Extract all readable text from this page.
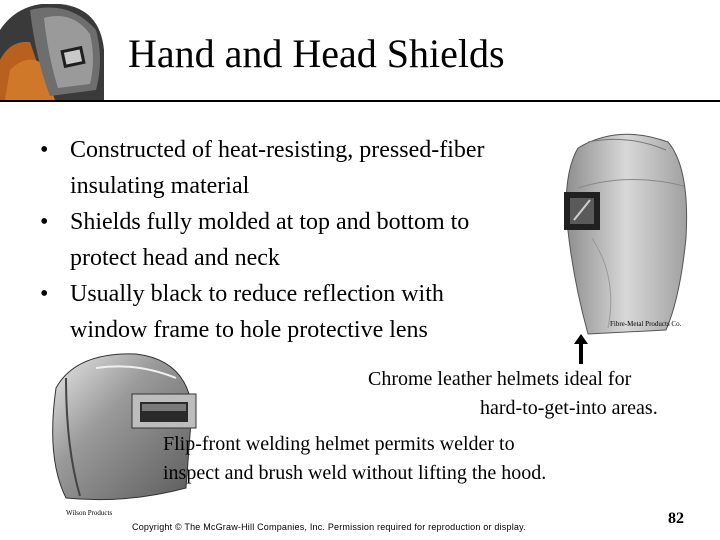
Hand and Head Shields
• Constructed of heat-resisting, pressed-fiber
insulating material
• Shields fully molded at top and bottom to
protect head and neck
• Usually black to reduce reflection with
window frame to hole protective lens	Fibre-Metal Products Co.
Chrome leather helmets ideal for
hard-to-get-into areas.
Flip-front welding helmet permits welder to
inspect and brush weld without lifting the hood.
Wilson Products
Copyright © The McGraw-Hill Companies, Inc. Permission required for reproduction or display.	82
